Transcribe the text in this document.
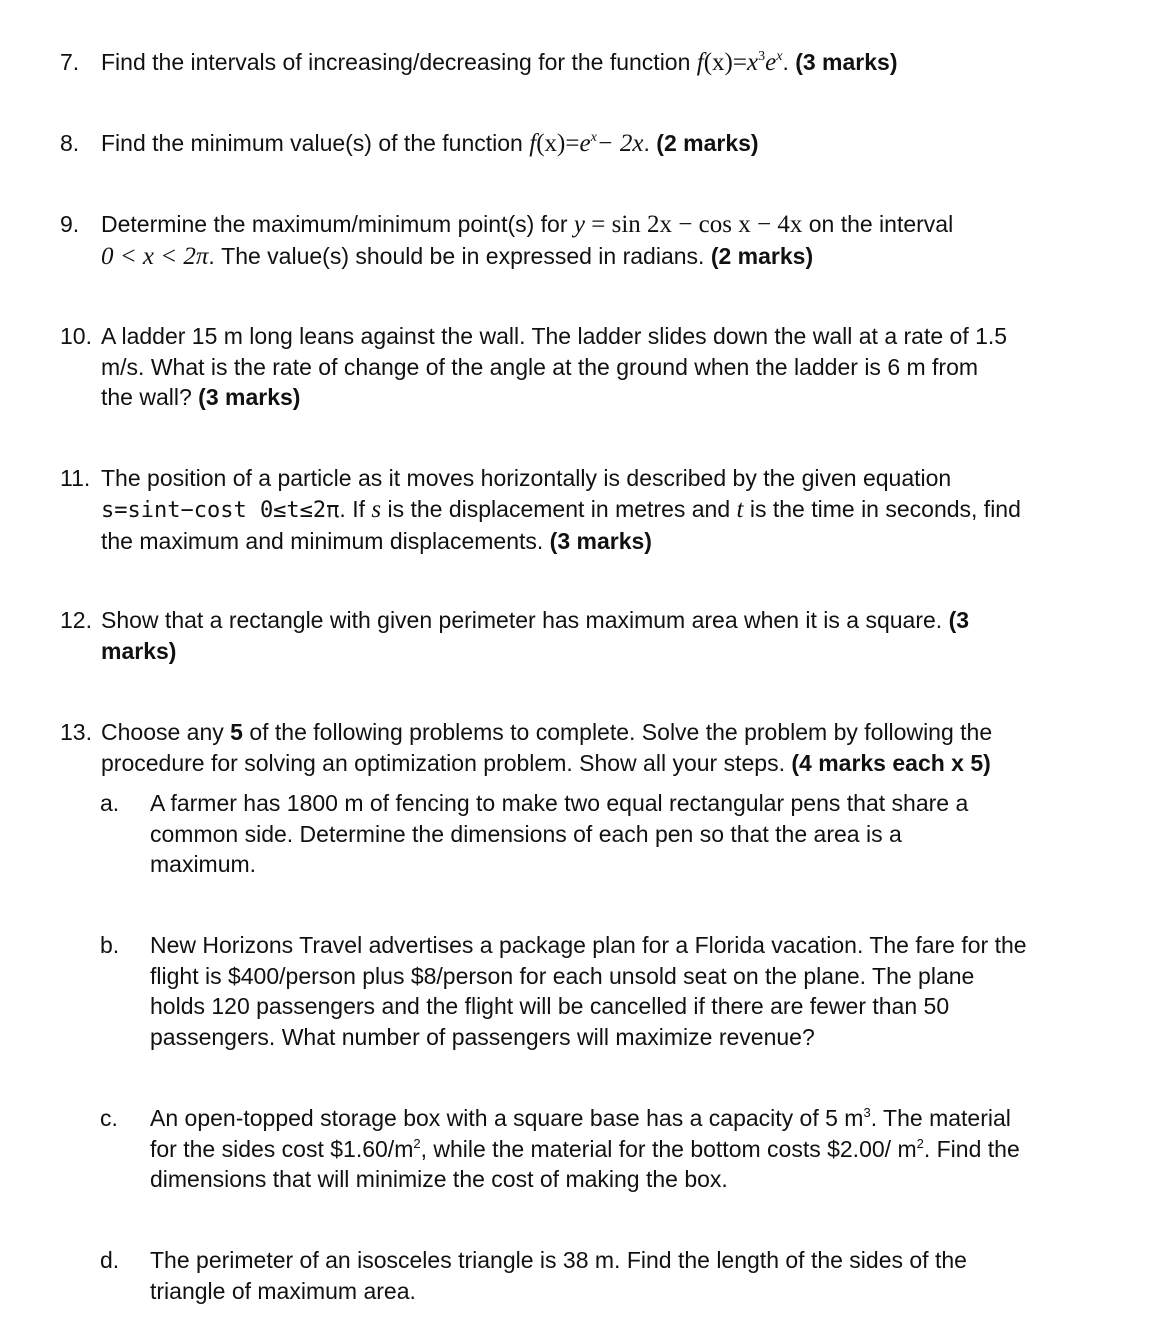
7. Find the intervals of increasing/decreasing for the function $f(x)=x^3e^x$. (3 marks)
8. Find the minimum value(s) of the function $f(x)=e^x- 2x$. (2 marks)
9. Determine the maximum/minimum point(s) for y = sin 2x − cos x − 4x on the interval
0 < x < 2π. The value(s) should be in expressed in radians. (2 marks)
10. A ladder 15 m long leans against the wall. The ladder slides down the wall at a rate of 1.5 m/s. What is the rate of change of the angle at the ground when the ladder is 6 m from the wall? (3 marks)
11. The position of a particle as it moves horizontally is described by the given equation
s=sint−cost 0≤t≤2π. If s is the displacement in metres and t is the time in seconds, find the maximum and minimum displacements. (3 marks)
12. Show that a rectangle with given perimeter has maximum area when it is a square. (3 marks)
13. Choose any 5 of the following problems to complete. Solve the problem by following the procedure for solving an optimization problem. Show all your steps. (4 marks each x 5)
a. A farmer has 1800 m of fencing to make two equal rectangular pens that share a common side. Determine the dimensions of each pen so that the area is a maximum.
b. New Horizons Travel advertises a package plan for a Florida vacation. The fare for the flight is $400/person plus $8/person for each unsold seat on the plane. The plane holds 120 passengers and the flight will be cancelled if there are fewer than 50 passengers. What number of passengers will maximize revenue?
c. An open-topped storage box with a square base has a capacity of 5 $m^3$. The material for the sides cost $\$1.60/m^2$, while the material for the bottom costs $2.00/ $m^2$. Find the dimensions that will minimize the cost of making the box.
d. The perimeter of an isosceles triangle is 38 m. Find the length of the sides of the triangle of maximum area.
